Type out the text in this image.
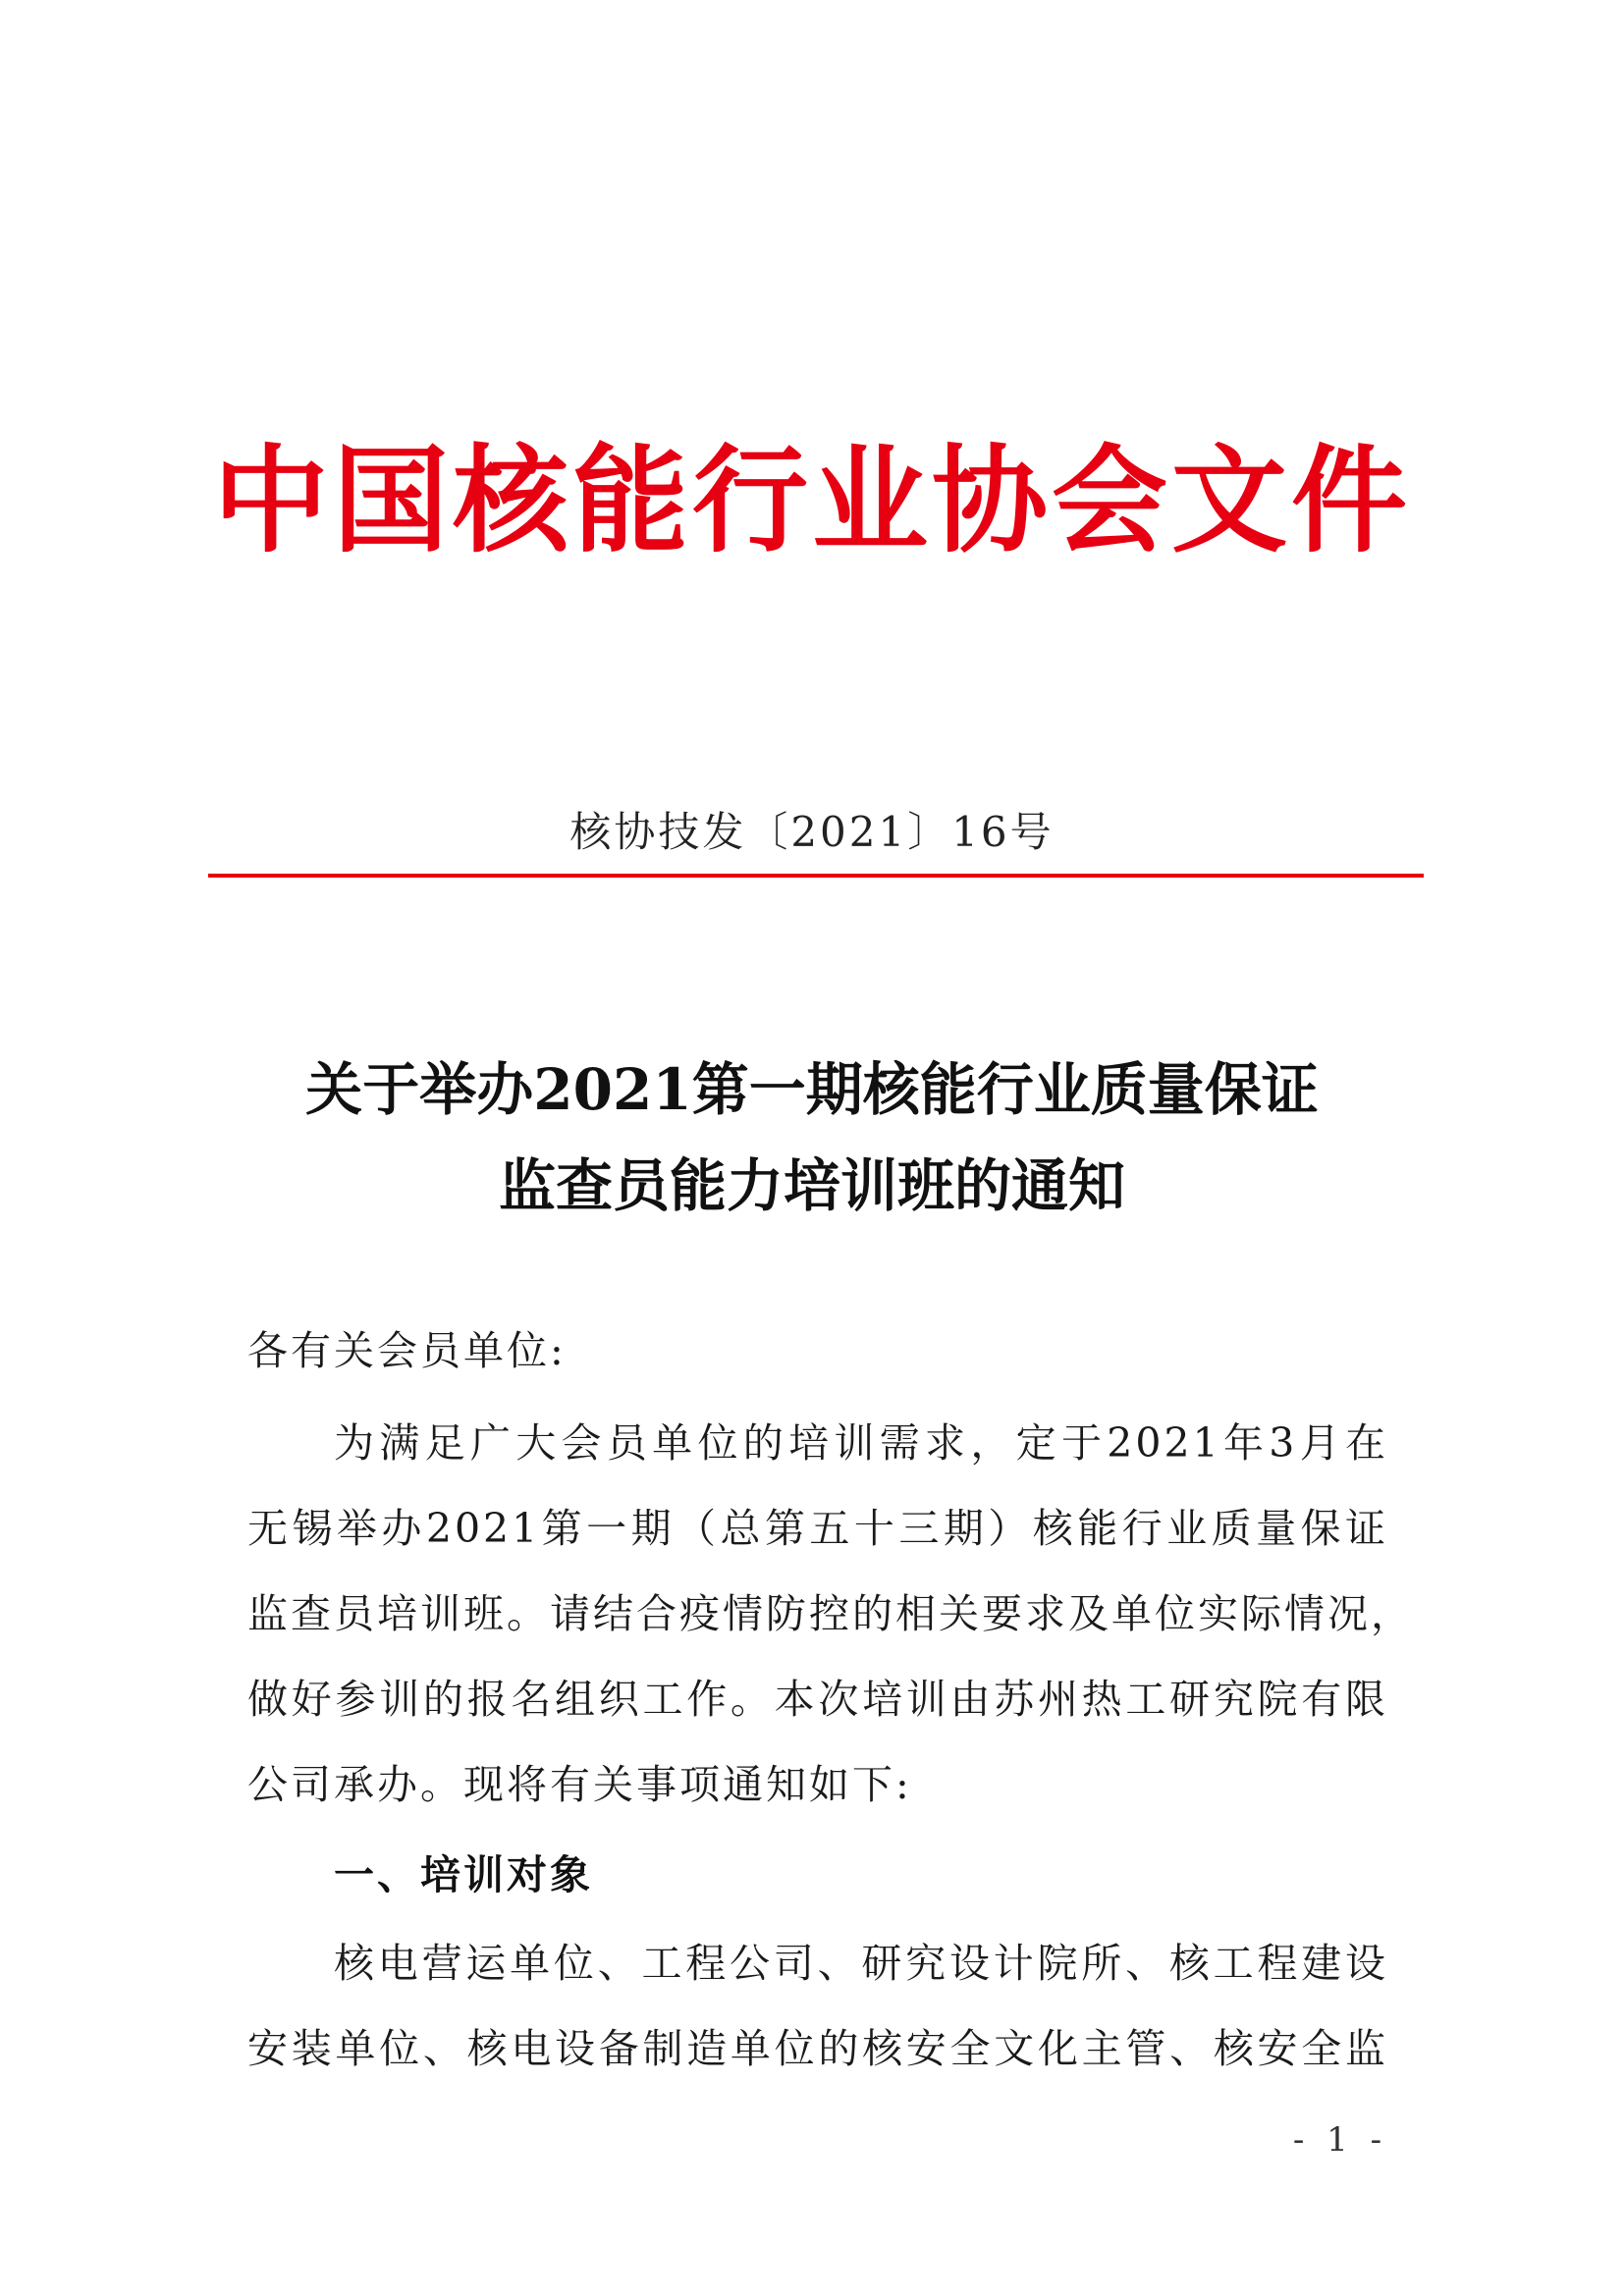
中国核能行业协会文件
核协技发〔2021〕16号
关于举办2021第一期核能行业质量保证
监查员能力培训班的通知
各有关会员单位:
为满足广大会员单位的培训需求，定于2021年3月在
无锡举办2021第一期（总第五十三期）核能行业质量保证
监查员培训班。请结合疫情防控的相关要求及单位实际情况，
做好参训的报名组织工作。本次培训由苏州热工研究院有限
公司承办。现将有关事项通知如下:
一、培训对象
核电营运单位、工程公司、研究设计院所、核工程建设
安装单位、核电设备制造单位的核安全文化主管、核安全监
- 1 -
